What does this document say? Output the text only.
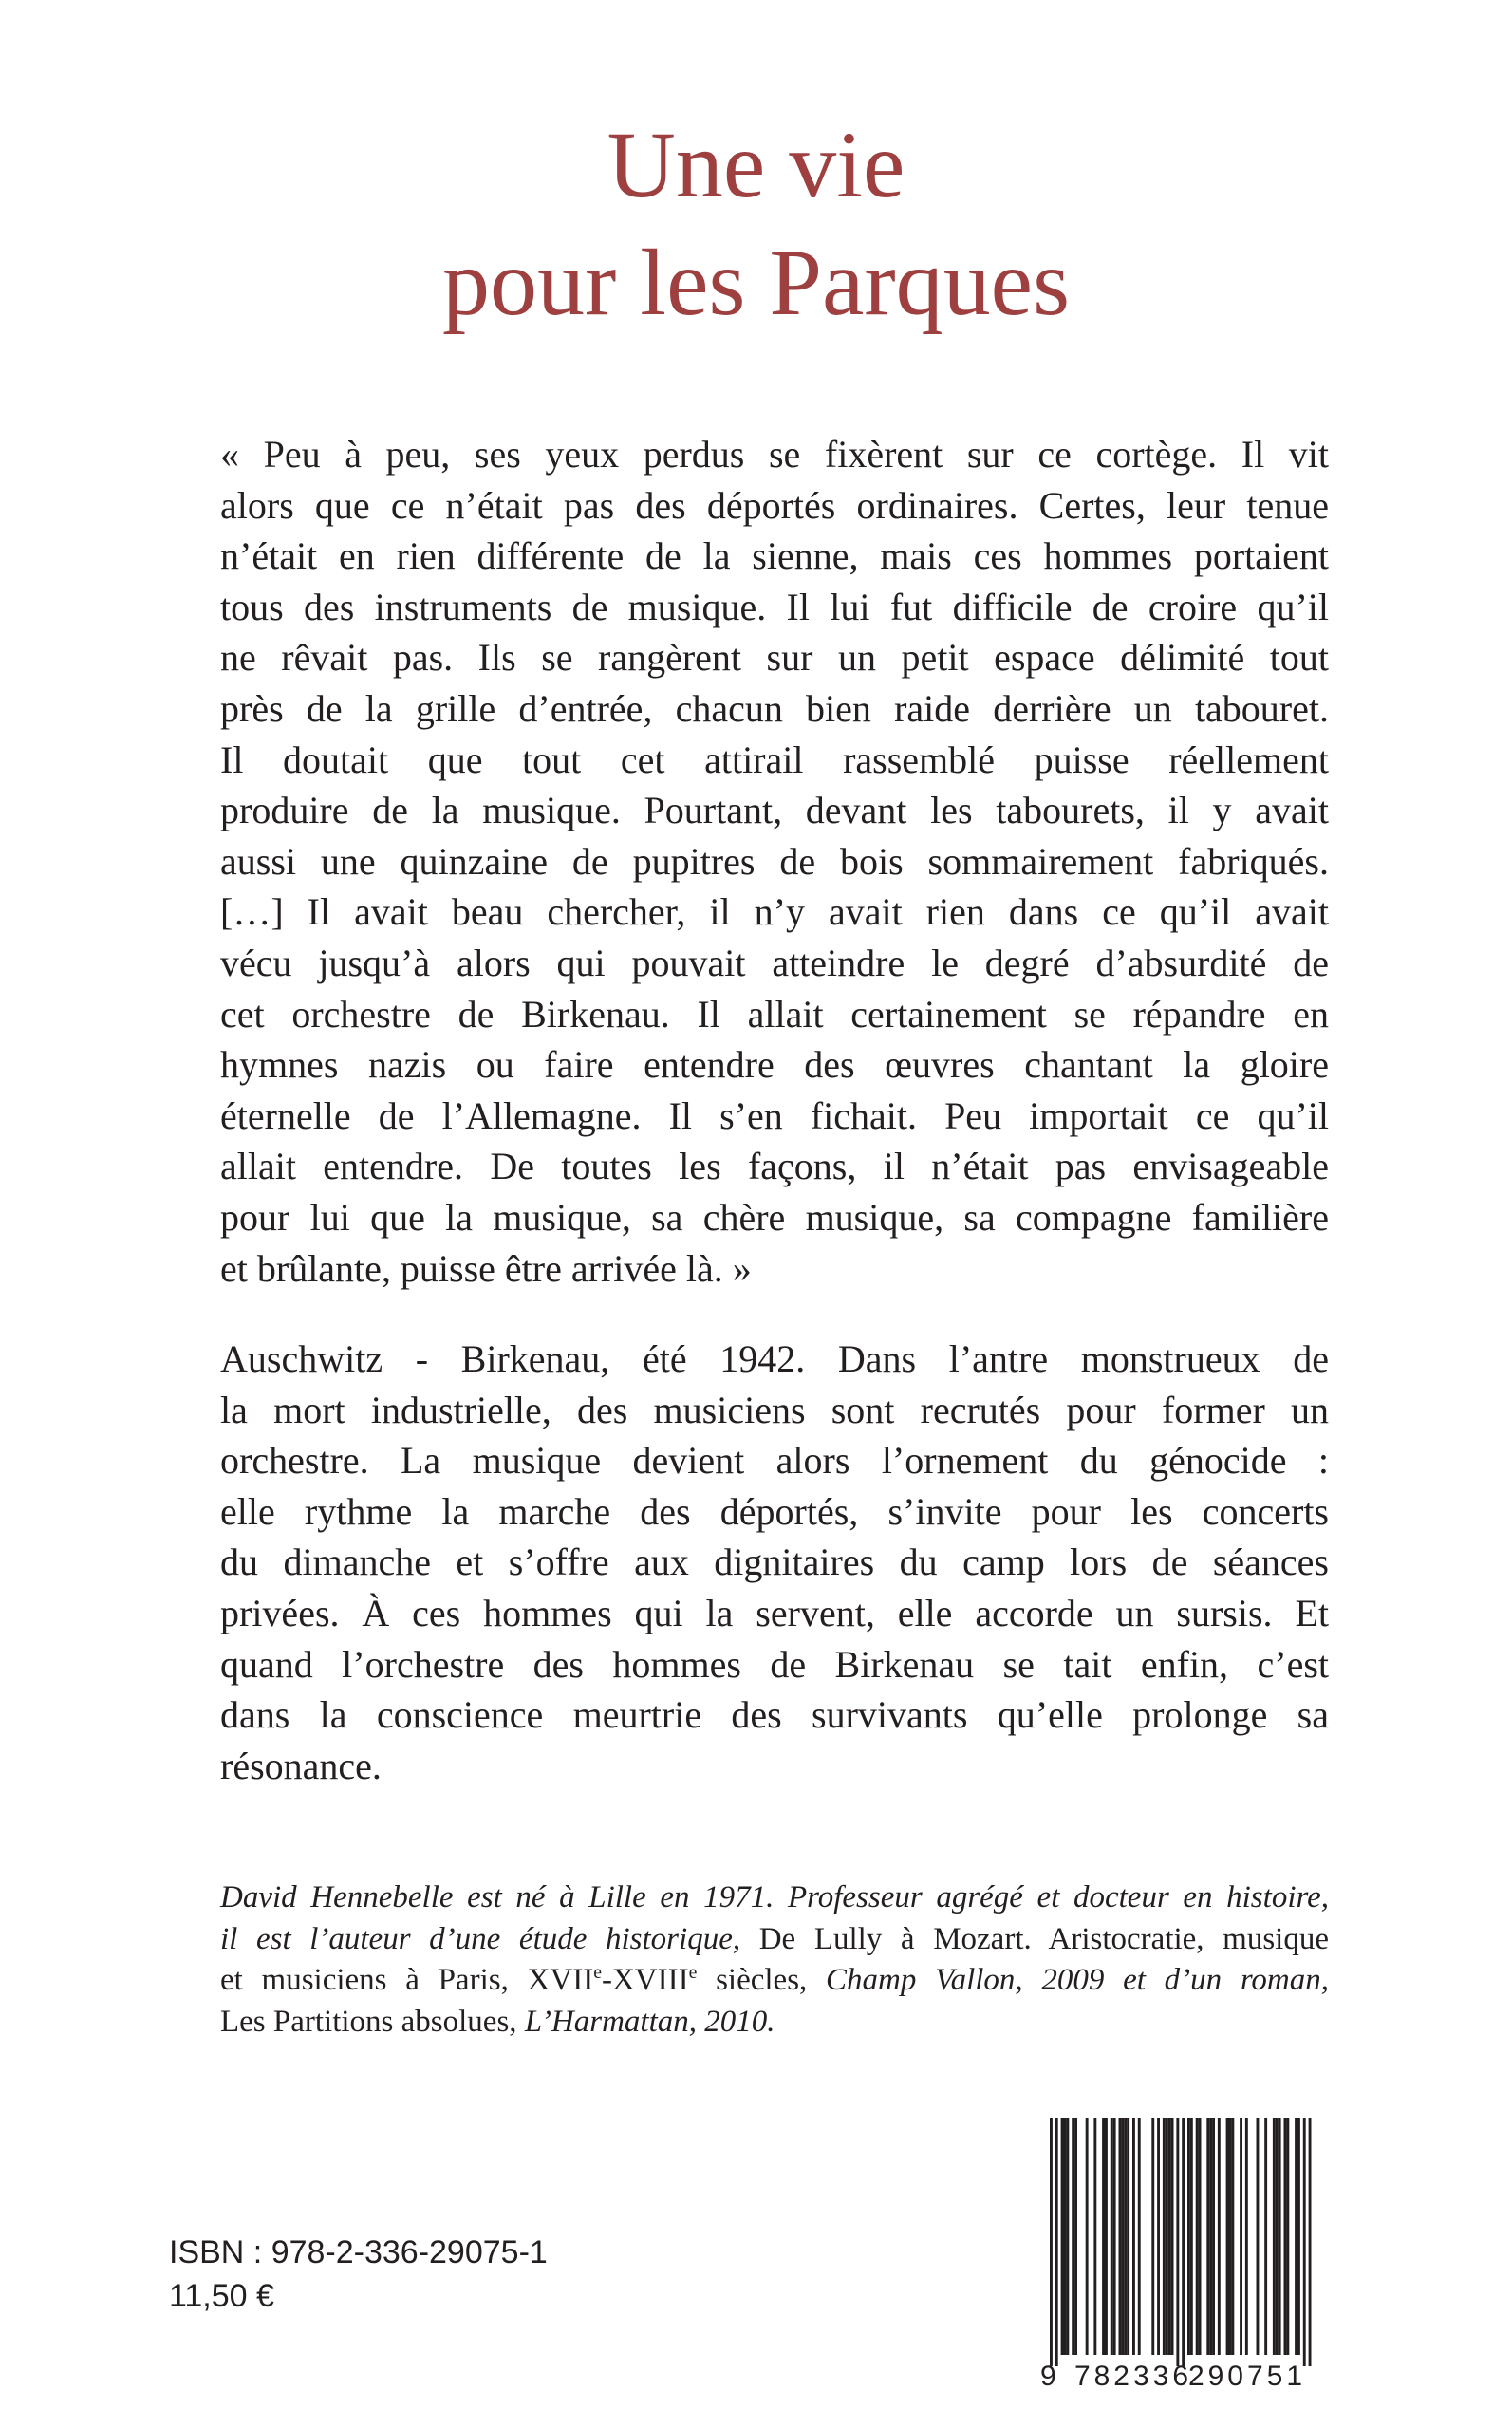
Une vie
pour les Parques

« Peu à peu, ses yeux perdus se fixèrent sur ce cortège. Il vit
alors que ce n’était pas des déportés ordinaires. Certes, leur tenue
n’était en rien différente de la sienne, mais ces hommes portaient
tous des instruments de musique. Il lui fut difficile de croire qu’il
ne rêvait pas. Ils se rangèrent sur un petit espace délimité tout
près de la grille d’entrée, chacun bien raide derrière un tabouret.
Il doutait que tout cet attirail rassemblé puisse réellement
produire de la musique. Pourtant, devant les tabourets, il y avait
aussi une quinzaine de pupitres de bois sommairement fabriqués.
[…] Il avait beau chercher, il n’y avait rien dans ce qu’il avait
vécu jusqu’à alors qui pouvait atteindre le degré d’absurdité de
cet orchestre de Birkenau. Il allait certainement se répandre en
hymnes nazis ou faire entendre des œuvres chantant la gloire
éternelle de l’Allemagne. Il s’en fichait. Peu importait ce qu’il
allait entendre. De toutes les façons, il n’était pas envisageable
pour lui que la musique, sa chère musique, sa compagne familière
et brûlante, puisse être arrivée là. »

Auschwitz - Birkenau, été 1942. Dans l’antre monstrueux de
la mort industrielle, des musiciens sont recrutés pour former un
orchestre. La musique devient alors l’ornement du génocide :
elle rythme la marche des déportés, s’invite pour les concerts
du dimanche et s’offre aux dignitaires du camp lors de séances
privées. À ces hommes qui la servent, elle accorde un sursis. Et
quand l’orchestre des hommes de Birkenau se tait enfin, c’est
dans la conscience meurtrie des survivants qu’elle prolonge sa
résonance.

David Hennebelle est né à Lille en 1971. Professeur agrégé et docteur en histoire,
il est l’auteur d’une étude historique, De Lully à Mozart. Aristocratie, musique
et musiciens à Paris, XVIIe-XVIIIe siècles, Champ Vallon, 2009 et d’un roman,
Les Partitions absolues, L’Harmattan, 2010.
ISBN : 978-2-336-29075-1
11,50 €
9 782336
290751
